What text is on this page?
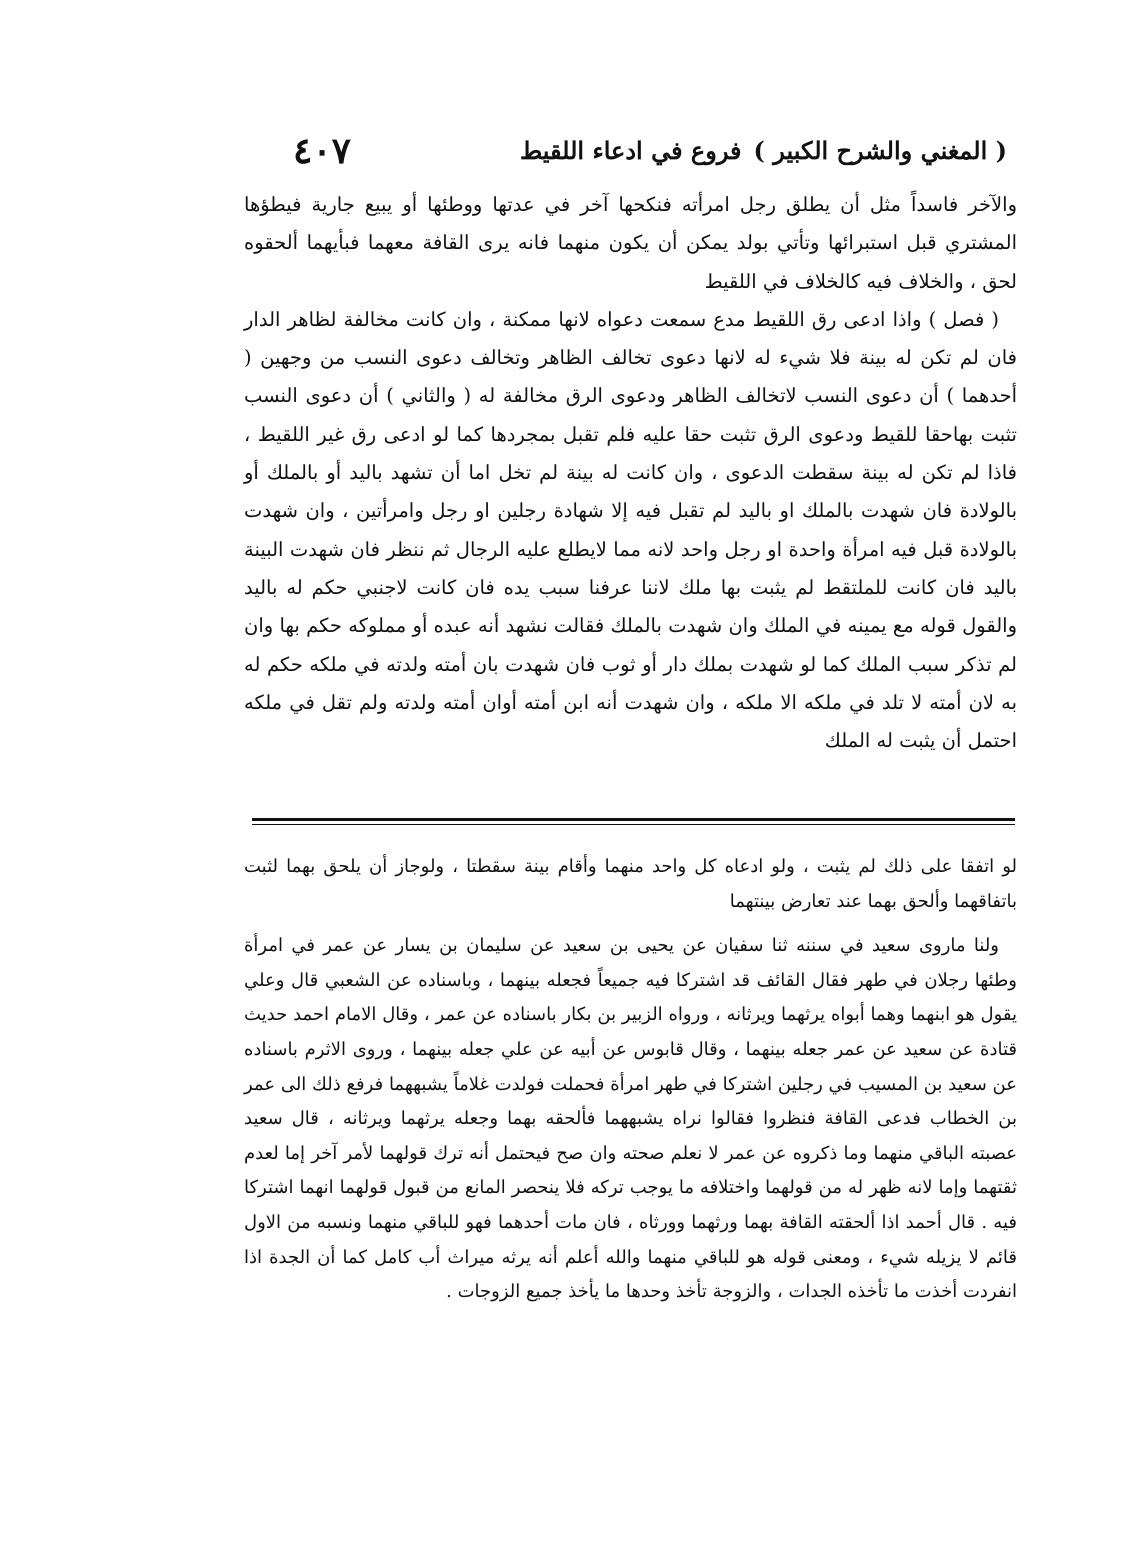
٤٠٧	فروع في ادعاء اللقيط ( المغني والشرح الكبير )

والآخر فاسداً مثل أن يطلق رجل امرأته فنكحها آخر في عدتها ووطئها أو يبيع جارية فيطؤها المشتري قبل استبرائها وتأتي بولد يمكن أن يكون منهما فانه يرى القافة معهما فبأيهما ألحقوه لحق ، والخلاف فيه كالخلاف في اللقيط

( فصل ) واذا ادعى رق اللقيط مدع سمعت دعواه لانها ممكنة ، وان كانت مخالفة لظاهر الدار فان لم تكن له بينة فلا شيء له لانها دعوى تخالف الظاهر وتخالف دعوى النسب من وجهين ( أحدهما ) أن دعوى النسب لاتخالف الظاهر ودعوى الرق مخالفة له ( والثاني ) أن دعوى النسب تثبت بهاحقا للقيط ودعوى الرق تثبت حقا عليه فلم تقبل بمجردها كما لو ادعى رق غير اللقيط ، فاذا لم تكن له بينة سقطت الدعوى ، وان كانت له بينة لم تخل اما أن تشهد باليد أو بالملك أو بالولادة فان شهدت بالملك او باليد لم تقبل فيه إلا شهادة رجلين او رجل وامرأتين ، وان شهدت بالولادة قبل فيه امرأة واحدة او رجل واحد لانه مما لايطلع عليه الرجال ثم ننظر فان شهدت البينة باليد فان كانت للملتقط لم يثبت بها ملك لاننا عرفنا سبب يده فان كانت لاجنبي حكم له باليد والقول قوله مع يمينه في الملك وان شهدت بالملك فقالت نشهد أنه عبده أو مملوكه حكم بها وان لم تذكر سبب الملك كما لو شهدت بملك دار أو ثوب فان شهدت بان أمته ولدته في ملكه حكم له به لان أمته لا تلد في ملكه الا ملكه ، وان شهدت أنه ابن أمته أوان أمته ولدته ولم تقل في ملكه احتمل أن يثبت له الملك

لو اتفقا على ذلك لم يثبت ، ولو ادعاه كل واحد منهما وأقام بينة سقطتا ، ولوجاز أن يلحق بهما لثبت باتفاقهما وألحق بهما عند تعارض بينتهما

ولنا ماروى سعيد في سننه ثنا سفيان عن يحيى بن سعيد عن سليمان بن يسار عن عمر في امرأة وطئها رجلان في طهر فقال القائف قد اشتركا فيه جميعاً فجعله بينهما ، وباسناده عن الشعبي قال وعلي يقول هو ابنهما وهما أبواه يرثهما ويرثانه ، ورواه الزبير بن بكار باسناده عن عمر ، وقال الامام احمد حديث قتادة عن سعيد عن عمر جعله بينهما ، وقال قابوس عن أبيه عن علي جعله بينهما ، وروى الاثرم باسناده عن سعيد بن المسيب في رجلين اشتركا في طهر امرأة فحملت فولدت غلاماً يشبههما فرفع ذلك الى عمر بن الخطاب فدعى القافة فنظروا فقالوا نراه يشبههما فألحقه بهما وجعله يرثهما ويرثانه ، قال سعيد عصبته الباقي منهما وما ذكروه عن عمر لا نعلم صحته وان صح فيحتمل أنه ترك قولهما لأمر آخر إما لعدم ثقتهما وإما لانه ظهر له من قولهما واختلافه ما يوجب تركه فلا ينحصر المانع من قبول قولهما انهما اشتركا فيه . قال أحمد اذا ألحقته القافة بهما ورثهما وورثاه ، فان مات أحدهما فهو للباقي منهما ونسبه من الاول قائم لا يزيله شيء ، ومعنى قوله هو للباقي منهما والله أعلم أنه يرثه ميراث أب كامل كما أن الجدة اذا انفردت أخذت ما تأخذه الجدات ، والزوجة تأخذ وحدها ما يأخذ جميع الزوجات .
